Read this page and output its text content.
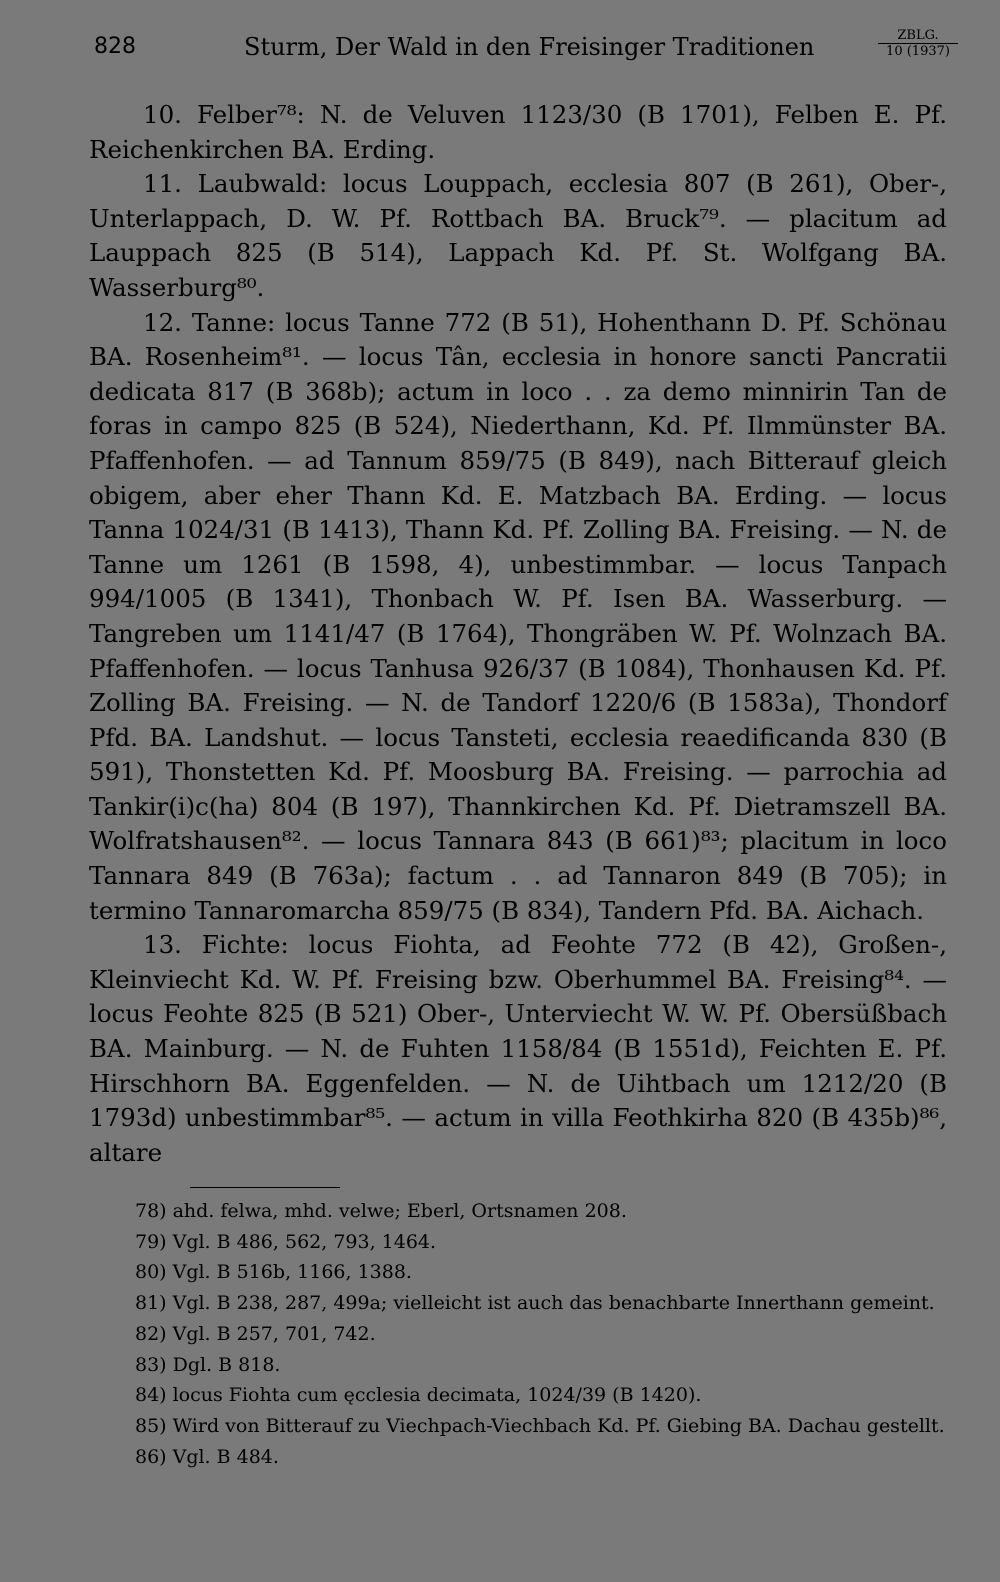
828	Sturm, Der Wald in den Freisinger Traditionen	ZBLG.
10 (1937)

10. Felber⁷⁸: N. de Veluven 1123/30 (B 1701), Felben E. Pf. Reichenkirchen BA. Erding.

11. Laubwald: locus Louppach, ecclesia 807 (B 261), Ober-, Unterlappach, D. W. Pf. Rottbach BA. Bruck⁷⁹. — placitum ad Lauppach 825 (B 514), Lappach Kd. Pf. St. Wolfgang BA. Wasserburg⁸⁰.

12. Tanne: locus Tanne 772 (B 51), Hohenthann D. Pf. Schönau BA. Rosenheim⁸¹. — locus Tân, ecclesia in honore sancti Pancratii dedicata 817 (B 368b); actum in loco . . za demo minnirin Tan de foras in campo 825 (B 524), Niederthann, Kd. Pf. Ilmmünster BA. Pfaffenhofen. — ad Tannum 859/75 (B 849), nach Bitterauf gleich obigem, aber eher Thann Kd. E. Matzbach BA. Erding. — locus Tanna 1024/31 (B 1413), Thann Kd. Pf. Zolling BA. Freising. — N. de Tanne um 1261 (B 1598, 4), unbestimmbar. — locus Tanpach 994/1005 (B 1341), Thonbach W. Pf. Isen BA. Wasserburg. — Tangreben um 1141/47 (B 1764), Thongräben W. Pf. Wolnzach BA. Pfaffenhofen. — locus Tanhusa 926/37 (B 1084), Thonhausen Kd. Pf. Zolling BA. Freising. — N. de Tandorf 1220/6 (B 1583a), Thondorf Pfd. BA. Landshut. — locus Tansteti, ecclesia reaedificanda 830 (B 591), Thonstetten Kd. Pf. Moosburg BA. Freising. — parrochia ad Tankir(i)c(ha) 804 (B 197), Thannkirchen Kd. Pf. Dietramszell BA. Wolfratshausen⁸². — locus Tannara 843 (B 661)⁸³; placitum in loco Tannara 849 (B 763a); factum . . ad Tannaron 849 (B 705); in termino Tannaromarcha 859/75 (B 834), Tandern Pfd. BA. Aichach.

13. Fichte: locus Fiohta, ad Feohte 772 (B 42), Großen-, Kleinviecht Kd. W. Pf. Freising bzw. Oberhummel BA. Freising⁸⁴. — locus Feohte 825 (B 521) Ober-, Unterviecht W. W. Pf. Obersüßbach BA. Mainburg. — N. de Fuhten 1158/84 (B 1551d), Feichten E. Pf. Hirschhorn BA. Eggenfelden. — N. de Uihtbach um 1212/20 (B 1793d) unbestimmbar⁸⁵. — actum in villa Feothkirha 820 (B 435b)⁸⁶, altare

78) ahd. felwa, mhd. velwe; Eberl, Ortsnamen 208.

79) Vgl. B 486, 562, 793, 1464.

80) Vgl. B 516b, 1166, 1388.

81) Vgl. B 238, 287, 499a; vielleicht ist auch das benachbarte Innerthann gemeint.

82) Vgl. B 257, 701, 742.

83) Dgl. B 818.

84) locus Fiohta cum ęcclesia decimata, 1024/39 (B 1420).

85) Wird von Bitterauf zu Viechpach-Viechbach Kd. Pf. Giebing BA. Dachau gestellt.

86) Vgl. B 484.
